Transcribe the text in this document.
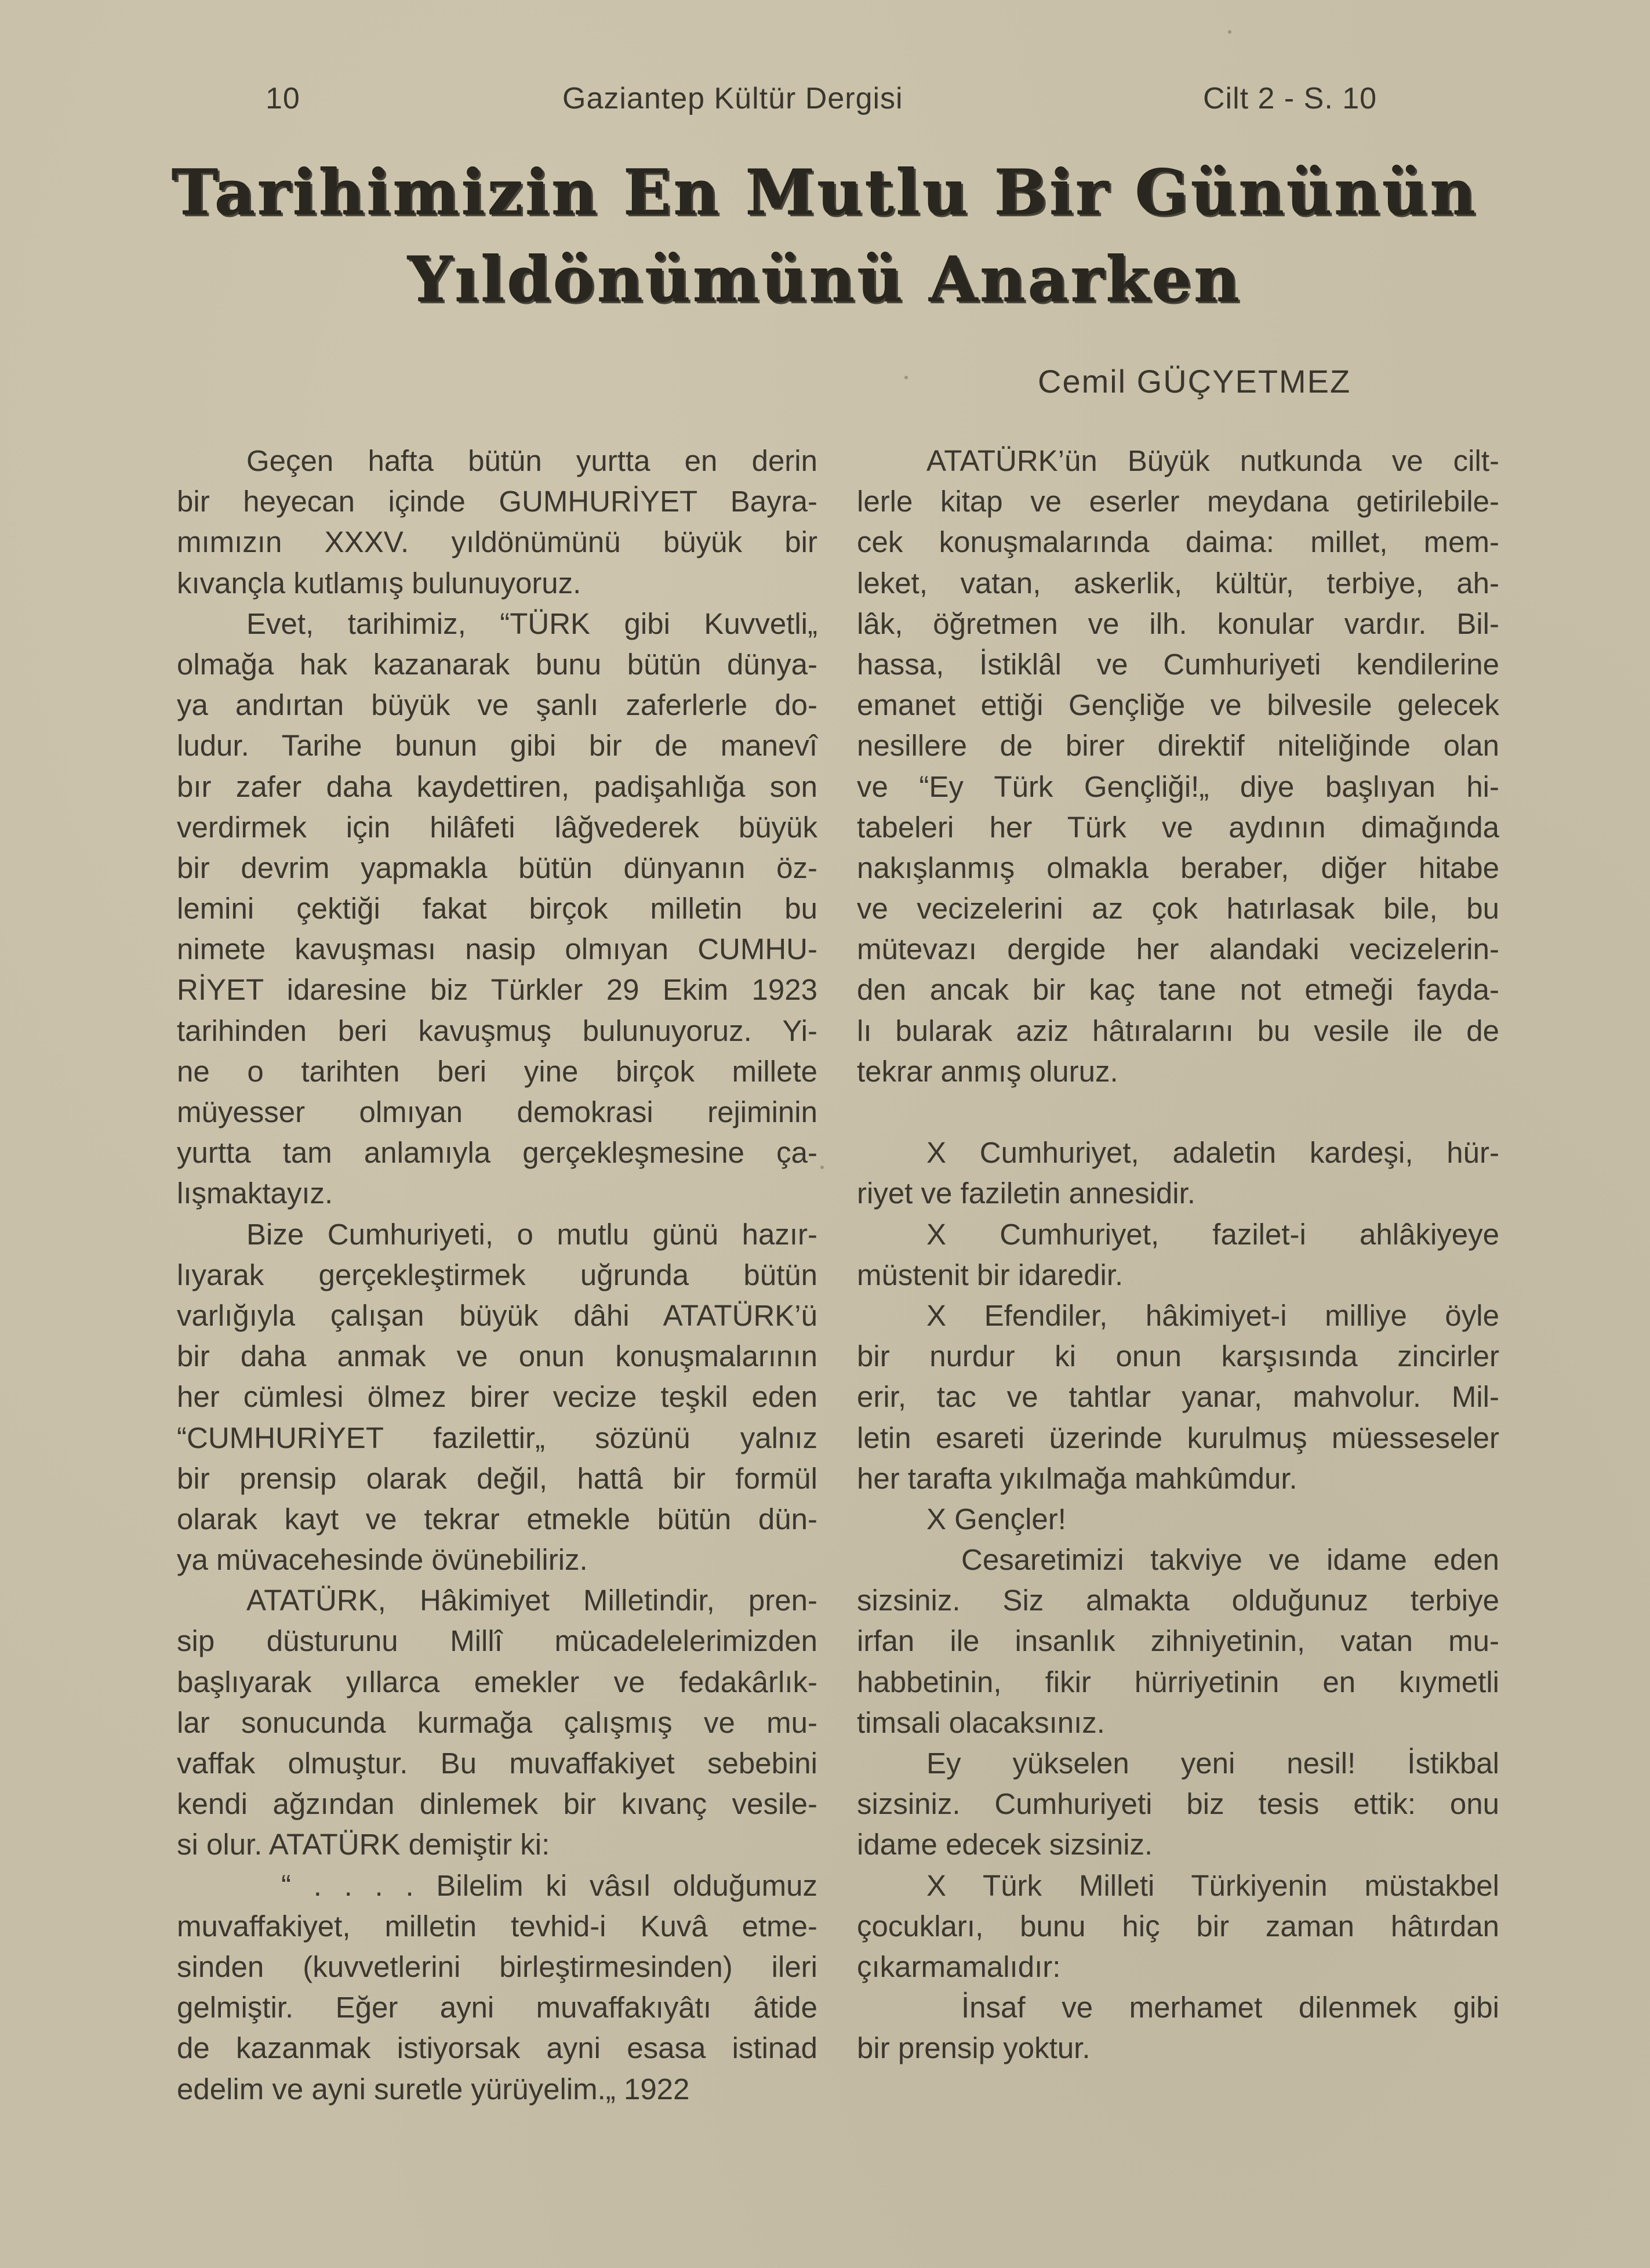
10	Gaziantep Kültür Dergisi	Cilt 2 - S. 10
Tarihimizin En Mutlu Bir Gününün
Yıldönümünü Anarken
Cemil GÜÇYETMEZ
Geçen hafta bütün yurtta en derin
bir heyecan içinde GUMHURİYET Bayra-
mımızın XXXV. yıldönümünü büyük bir
kıvançla kutlamış bulunuyoruz.
Evet, tarihimiz, “TÜRK gibi Kuvvetli„
olmağa hak kazanarak bunu bütün dünya-
ya andırtan büyük ve şanlı zaferlerle do-
ludur. Tarihe bunun gibi bir de manevî
bır zafer daha kaydettiren, padişahlığa son
verdirmek için hilâfeti lâğvederek büyük
bir devrim yapmakla bütün dünyanın öz-
lemini çektiği fakat birçok milletin bu
nimete kavuşması nasip olmıyan CUMHU-
RİYET idaresine biz Türkler 29 Ekim 1923
tarihinden beri kavuşmuş bulunuyoruz. Yi-
ne o tarihten beri yine birçok millete
müyesser olmıyan demokrasi rejiminin
yurtta tam anlamıyla gerçekleşmesine ça-
lışmaktayız.
Bize Cumhuriyeti, o mutlu günü hazır-
lıyarak gerçekleştirmek uğrunda bütün
varlığıyla çalışan büyük dâhi ATATÜRK’ü
bir daha anmak ve onun konuşmalarının
her cümlesi ölmez birer vecize teşkil eden
“CUMHURİYET fazilettir„ sözünü yalnız
bir prensip olarak değil, hattâ bir formül
olarak kayt ve tekrar etmekle bütün dün-
ya müvacehesinde övünebiliriz.
ATATÜRK, Hâkimiyet Milletindir, pren-
sip düsturunu Millî mücadelelerimizden
başlıyarak yıllarca emekler ve fedakârlık-
lar sonucunda kurmağa çalışmış ve mu-
vaffak olmuştur. Bu muvaffakiyet sebebini
kendi ağzından dinlemek bir kıvanç vesile-
si olur. ATATÜRK demiştir ki:
“ . . . . Bilelim ki vâsıl olduğumuz
muvaffakiyet, milletin tevhid-i Kuvâ etme-
sinden (kuvvetlerini birleştirmesinden) ileri
gelmiştir. Eğer ayni muvaffakıyâtı âtide
de kazanmak istiyorsak ayni esasa istinad
edelim ve ayni suretle yürüyelim.„ 1922
ATATÜRK’ün Büyük nutkunda ve cilt-
lerle kitap ve eserler meydana getirilebile-
cek konuşmalarında daima: millet, mem-
leket, vatan, askerlik, kültür, terbiye, ah-
lâk, öğretmen ve ilh. konular vardır. Bil-
hassa, İstiklâl ve Cumhuriyeti kendilerine
emanet ettiği Gençliğe ve bilvesile gelecek
nesillere de birer direktif niteliğinde olan
ve “Ey Türk Gençliği!„ diye başlıyan hi-
tabeleri her Türk ve aydının dimağında
nakışlanmış olmakla beraber, diğer hitabe
ve vecizelerini az çok hatırlasak bile, bu
mütevazı dergide her alandaki vecizelerin-
den ancak bir kaç tane not etmeği fayda-
lı bularak aziz hâtıralarını bu vesile ile de
tekrar anmış oluruz.
X Cumhuriyet, adaletin kardeşi, hür-
riyet ve faziletin annesidir.
X Cumhuriyet, fazilet-i ahlâkiyeye
müstenit bir idaredir.
X Efendiler, hâkimiyet-i milliye öyle
bir nurdur ki onun karşısında zincirler
erir, tac ve tahtlar yanar, mahvolur. Mil-
letin esareti üzerinde kurulmuş müesseseler
her tarafta yıkılmağa mahkûmdur.
X Gençler!
Cesaretimizi takviye ve idame eden
sizsiniz. Siz almakta olduğunuz terbiye
irfan ile insanlık zihniyetinin, vatan mu-
habbetinin, fikir hürriyetinin en kıymetli
timsali olacaksınız.
Ey yükselen yeni nesil! İstikbal
sizsiniz. Cumhuriyeti biz tesis ettik: onu
idame edecek sizsiniz.
X Türk Milleti Türkiyenin müstakbel
çocukları, bunu hiç bir zaman hâtırdan
çıkarmamalıdır:
İnsaf ve merhamet dilenmek gibi
bir prensip yoktur.
